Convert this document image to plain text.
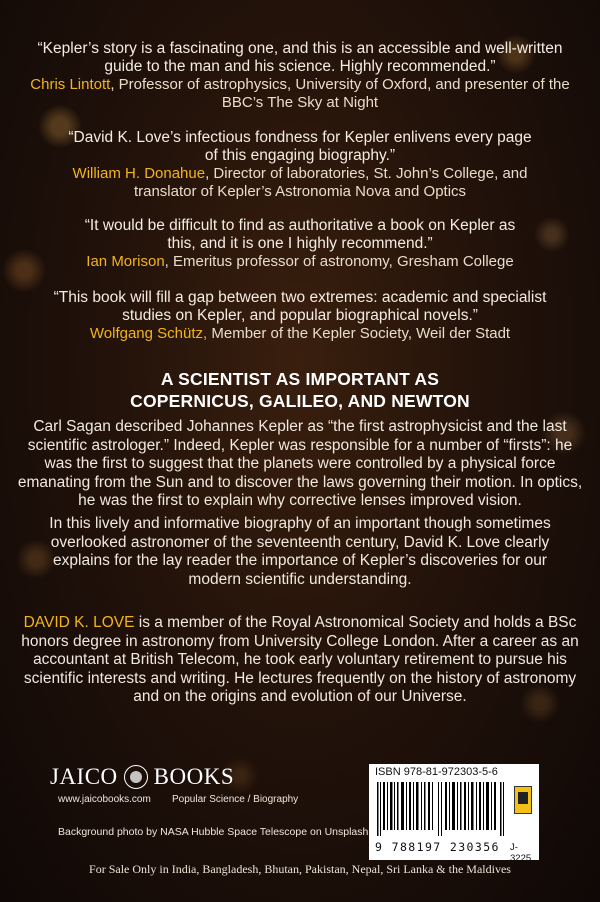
“Kepler’s story is a fascinating one, and this is an accessible and well-written guide to the man and his science. Highly recommended.”
Chris Lintott, Professor of astrophysics, University of Oxford, and presenter of the BBC’s The Sky at Night
“David K. Love’s infectious fondness for Kepler enlivens every page of this engaging biography.”
William H. Donahue, Director of laboratories, St. John’s College, and translator of Kepler’s Astronomia Nova and Optics
“It would be difficult to find as authoritative a book on Kepler as this, and it is one I highly recommend.”
Ian Morison, Emeritus professor of astronomy, Gresham College
“This book will fill a gap between two extremes: academic and specialist studies on Kepler, and popular biographical novels.”
Wolfgang Schütz, Member of the Kepler Society, Weil der Stadt
A SCIENTIST AS IMPORTANT AS
COPERNICUS, GALILEO, AND NEWTON
Carl Sagan described Johannes Kepler as “the first astrophysicist and the last scientific astrologer.” Indeed, Kepler was responsible for a number of “firsts”: he was the first to suggest that the planets were controlled by a physical force emanating from the Sun and to discover the laws governing their motion. In optics, he was the first to explain why corrective lenses improved vision.
In this lively and informative biography of an important though sometimes overlooked astronomer of the seventeenth century, David K. Love clearly explains for the lay reader the importance of Kepler’s discoveries for our modern scientific understanding.
DAVID K. LOVE is a member of the Royal Astronomical Society and holds a BSc honors degree in astronomy from University College London. After a career as an accountant at British Telecom, he took early voluntary retirement to pursue his scientific interests and writing. He lectures frequently on the history of astronomy and on the origins and evolution of our Universe.
JAICO BOOKS
www.jaicobooks.com Popular Science / Biography
ISBN 978-81-972303-5-6
9 788197 230356 J-3225
Background photo by NASA Hubble Space Telescope on Unsplash
For Sale Only in India, Bangladesh, Bhutan, Pakistan, Nepal, Sri Lanka & the Maldives
